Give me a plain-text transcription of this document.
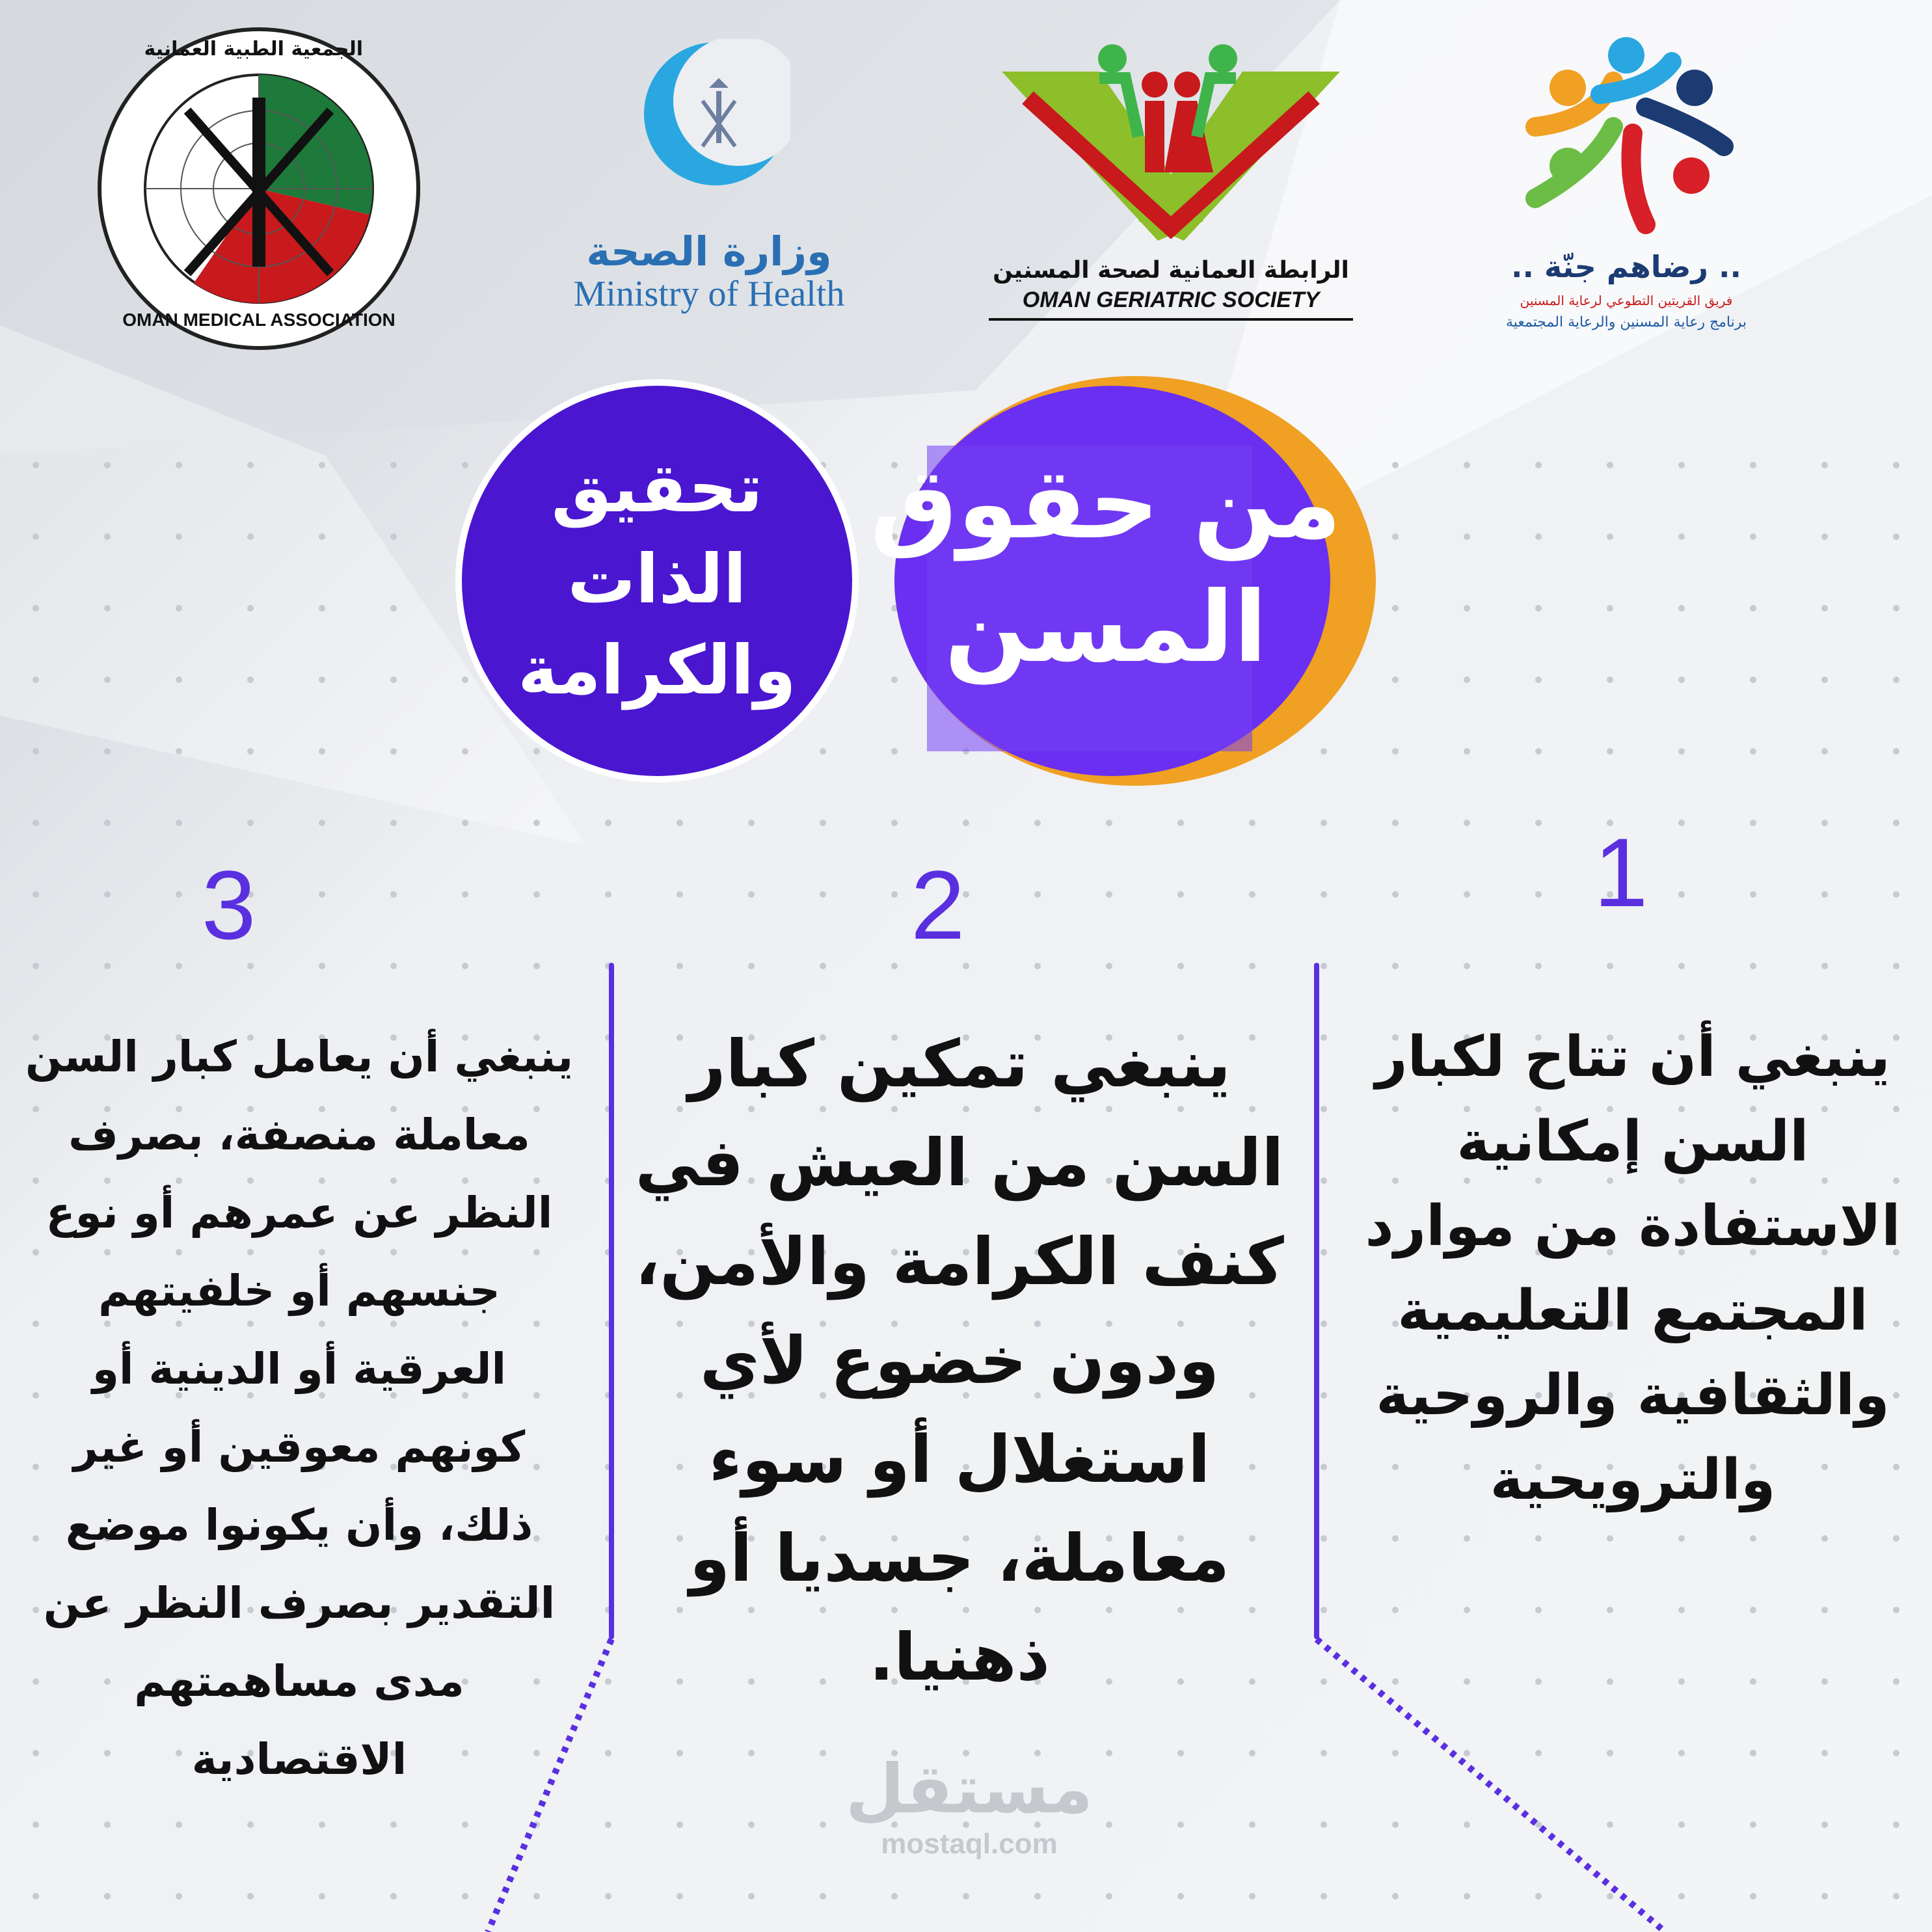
الجمعية الطبية العمانية
OMAN MEDICAL ASSOCIATION
وزارة الصحة
Ministry of Health
الرابطة العمانية لصحة المسنين
OMAN GERIATRIC SOCIETY
.. رضاهم جنّة ..
فريق القريتين التطوعي لرعاية المسنين
برنامج رعاية المسنين والرعاية المجتمعية
من حقوق
المسن
تحقيق
الذات
والكرامة
1
2
3
ينبغي أن تتاح لكبار
السن إمكانية
الاستفادة من موارد
المجتمع التعليمية
والثقافية والروحية
والترويحية
ينبغي تمكين كبار
السن من العيش في
كنف الكرامة والأمن،
ودون خضوع لأي
استغلال أو سوء
معاملة، جسديا أو
ذهنيا.
ينبغي أن يعامل كبار السن
معاملة منصفة، بصرف
النظر عن عمرهم أو نوع
جنسهم أو خلفيتهم
العرقية أو الدينية أو
كونهم معوقين أو غير
ذلك، وأن يكونوا موضع
التقدير بصرف النظر عن
مدى مساهمتهم
الاقتصادية	مستقل
mostaql.com
